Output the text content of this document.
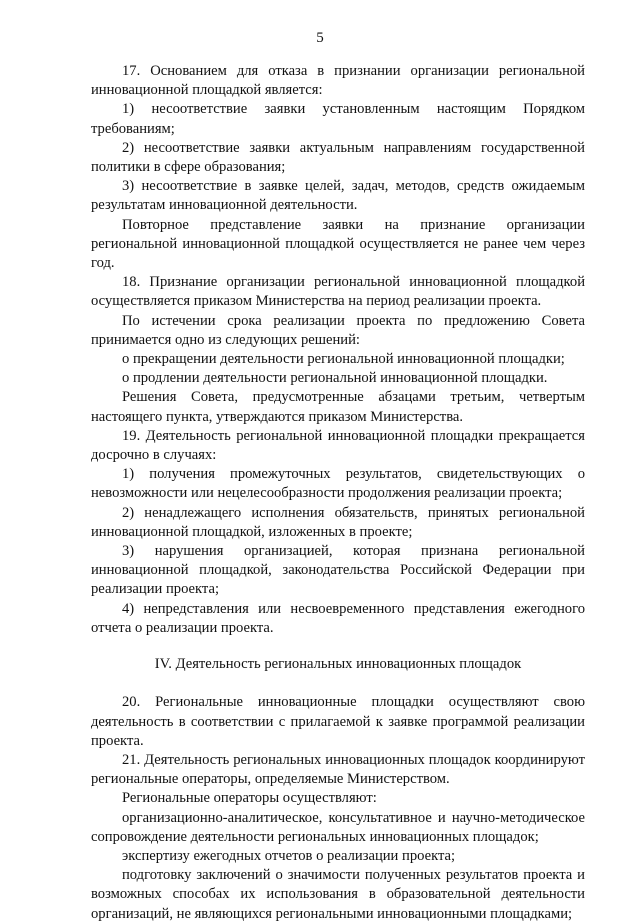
5

17. Основанием для отказа в признании организации региональной инновационной площадкой является:

1) несоответствие заявки установленным настоящим Порядком требованиям;

2) несоответствие заявки актуальным направлениям государственной политики в сфере образования;

3) несоответствие в заявке целей, задач, методов, средств ожидаемым результатам инновационной деятельности.

Повторное представление заявки на признание организации региональной инновационной площадкой осуществляется не ранее чем через год.

18. Признание организации региональной инновационной площадкой осуществляется приказом Министерства на период реализации проекта.

По истечении срока реализации проекта по предложению Совета принимается одно из следующих решений:

о прекращении деятельности региональной инновационной площадки;

о продлении деятельности региональной инновационной площадки.

Решения Совета, предусмотренные абзацами третьим, четвертым настоящего пункта, утверждаются приказом Министерства.

19. Деятельность региональной инновационной площадки прекращается досрочно в случаях:

1) получения промежуточных результатов, свидетельствующих о невозможности или нецелесообразности продолжения реализации проекта;

2) ненадлежащего исполнения обязательств, принятых региональной инновационной площадкой, изложенных в проекте;

3) нарушения организацией, которая признана региональной инновационной площадкой, законодательства Российской Федерации при реализации проекта;

4) непредставления или несвоевременного представления ежегодного отчета о реализации проекта.

IV. Деятельность региональных инновационных площадок

20. Региональные инновационные площадки осуществляют свою деятельность в соответствии с прилагаемой к заявке программой реализации проекта.

21. Деятельность региональных инновационных площадок координируют региональные операторы, определяемые Министерством.

Региональные операторы осуществляют:

организационно-аналитическое, консультативное и научно-методическое сопровождение деятельности региональных инновационных площадок;

экспертизу ежегодных отчетов о реализации проекта;

подготовку заключений о значимости полученных результатов проекта и возможных способах их использования в образовательной деятельности организаций, не являющихся региональными инновационными площадками;
